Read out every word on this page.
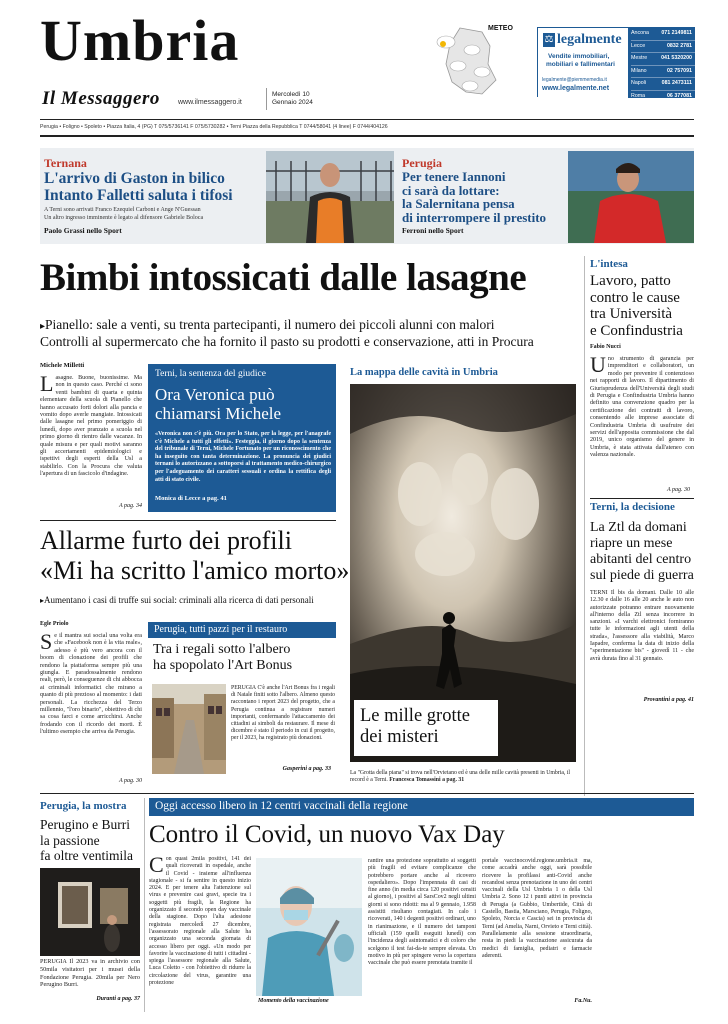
Umbria
Il Messaggero	www.ilmessaggero.it
Mercoledì 10
Gennaio 2024
METEO
⚖ legalmente
Vendite immobiliari,
mobiliari e fallimentari
legalmente@piemmemedia.it
www.legalmente.net
Ancona 071 2149811
Lecce	0832 2781
Mestre	041 5320200
Milano	02 757091
Napoli	081 2473111
Roma	06 377081
Perugia • Foligno • Spoleto • Piazza Italia, 4 (PG) T 075/5736141 F 075/5730282 • Terni Piazza della Repubblica T 0744/58041 (4 linee) F 0744/404126
Ternana
L'arrivo di Gaston in bilico
Intanto Falletti saluta i tifosi
A Terni sono arrivati Franco Ezequiel Carboni e Ange N'Guessan
Un altro ingresso imminente è legato al difensore Gabriele Boloca
Paolo Grassi nello Sport
Perugia
Per tenere Iannoni
ci sarà da lottare:
la Salernitana pensa
di interrompere il prestito
Ferroni nello Sport
Bimbi intossicati dalle lasagne
▸Pianello: sale a venti, su trenta partecipanti, il numero dei piccoli alunni con malori
Controlli al supermercato che ha fornito il pasto su prodotti e conservazione, atti in Procura
Michele Milletti
Lasagne. Buone, buonissime. Ma non in questo caso. Perché ci sono venti bambini di quarta e quinta elementare della scuola di Pianello che hanno accusato forti dolori alla pancia e vomito dopo averle mangiate. Intossicati dalle lasagne nel primo pomeriggio di lunedì, dopo aver pranzato a scuola nel primo giorno di rientro dalle vacanze. In quale misura e per quali motivi saranno gli accertamenti epidemiologici e ispettivi degli esperti della Usl a stabilirlo. Con la Procura che valuta l'apertura di un fascicolo d'indagine.
A pag. 34
Terni, la sentenza del giudice
Ora Veronica può
chiamarsi Michele
«Veronica non c'è più. Ora per lo Stato, per la legge, per l'anagrafe c'è Michele a tutti gli effetti». Festeggia, il giorno dopo la sentenza del tribunale di Terni, Michele Fortunato per un riconoscimento che ha inseguito con tanta determinazione. La pronuncia dei giudici ternani lo autorizzano a sottoporsi al trattamento medico-chirurgico per l'adeguamento dei caratteri sessuali e ordina la rettifica degli atti di stato civile.
Monica di Lecce a pag. 41
La mappa delle cavità in Umbria
Le mille grotte
dei misteri
La "Grotta della piana" si trova nell'Orvietano ed è una delle mille cavità presenti in Umbria, il record è a Terni. Francesca Tomassini a pag. 31
L'intesa
Lavoro, patto
contro le cause
tra Università
e Confindustria
Fabio Nucci
Uno strumento di garanzia per imprenditori e collaboratori, un modo per prevenire il contenzioso nei rapporti di lavoro. Il dipartimento di Giurisprudenza dell'Università degli studi di Perugia e Confindustria Umbria hanno definito una convenzione quadro per la certificazione dei contratti di lavoro, consentendo alle imprese associate di Confindustria Umbria di usufruire dei servizi dell'apposita commissione che dal 2019, unico organismo del genere in Umbria, è stata attivata dall'ateneo con valenza nazionale.
A pag. 30
Terni, la decisione
La Ztl da domani
riapre un mese
abitanti del centro
sul piede di guerra
TERNI Il bis da domani. Dalle 10 alle 12.30 e dalle 16 alle 20 anche le auto non autorizzate potranno entrare nuovamente all'interno della Ztl senza incorrere in sanzioni. «I varchi elettronici forniranno tutte le informazioni agli utenti della strada», l'assessore alla viabilità, Marco Iapadre, conferma la data di inizio della "sperimentazione bis" - giovedì 11 - che avrà durata fino al 31 gennaio.
Provantini a pag. 41
Allarme furto dei profili
«Mi ha scritto l'amico morto»
▸Aumentano i casi di truffe sui social: criminali alla ricerca di dati personali
Egle Priolo
Se il mantra sui social una volta era che «Facebook non è la vita reale», adesso è più vero ancora con il boom di clonazione dei profili che rendono la piattaforma sempre più una giungla. E paradossalmente rendono reali, però, le conseguenze di chi abbocca ai criminali informatici che mirano a quanto di più prezioso al momento: i dati personali. La ricchezza del Terzo millennio, "l'oro binario", obiettivo di chi sa cosa farci e come arricchirsi. Anche frodando con il ricordo dei morti. È l'ultimo esempio che arriva da Perugia.
A pag. 30
Perugia, tutti pazzi per il restauro
Tra i regali sotto l'albero
ha spopolato l'Art Bonus
PERUGIA C'è anche l'Art Bonus fra i regali di Natale finiti sotto l'albero. Almeno questo raccontano i report 2023 del progetto, che a Perugia continua a registrare numeri importanti, confermando l'attaccamento dei cittadini ai simboli da restaurare. Il mese di dicembre è stato il periodo in cui il progetto, per il 2023, ha registrato più donazioni.
Gasperini a pag. 33
Perugia, la mostra
Perugino e Burri
la passione
fa oltre ventimila
PERUGIA Il 2023 va in archivio con 50mila visitatori per i musei della Fondazione Perugia. 20mila per Nero Perugino Burri.
Duranti a pag. 37
Oggi accesso libero in 12 centri vaccinali della regione
Contro il Covid, un nuovo Vax Day
Con quasi 2mila positivi, 141 dei quali ricoverati in ospedale, anche il Covid - insieme all'influenza stagionale - si fa sentire in questo inizio 2024. E per tenere alta l'attenzione sul virus e prevenire casi gravi, specie tra i soggetti più fragili, la Regione ha organizzato il secondo open day vaccinale della stagione. Dopo l'alta adesione registrata mercoledì 27 dicembre, l'assessorato regionale alla Salute ha organizzato una seconda giornata di accesso libero per oggi. «Un modo per favorire la vaccinazione di tutti i cittadini - spiega l'assessore regionale alla Salute, Luca Coletto - con l'obiettivo di ridurre la circolazione del virus, garantire una protezione
Momento della vaccinazione
rantire una protezione soprattutto ai soggetti più fragili ed evitare complicanze che potrebbero portare anche al ricovero ospedaliero». Dopo l'impennata di casi di fine anno (in media circa 120 positivi censiti al giorno), i positivi al SarsCov2 negli ultimi giorni si sono ridotti: ma al 9 gennaio, 1.958 assistiti risultano contagiati. In calo i ricoverati, 140 i degenti positivi ordinari, uno in rianimazione, e il numero dei tamponi ufficiali (159 quelli eseguiti lunedì) con l'incidenza degli asintomatici e di coloro che scelgono il test fai-da-te sempre elevata. Un motivo in più per spingere verso la copertura vaccinale che può essere prenotata tramite il
portale vaccinocovid.regione.umbria.it ma, come accadrà anche oggi, sarà possibile ricevere la profilassi anti-Covid anche recandosi senza prenotazione in uno dei centri vaccinali della Usl Umbria 1 o della Usl Umbria 2. Sono 12 i punti attivi in provincia di Perugia (a Gubbio, Umbertide, Città di Castello, Bastia, Marsciano, Perugia, Foligno, Spoleto, Norcia e Cascia) sei in provincia di Terni (ad Amelia, Narni, Orvieto e Terni città). Parallelamente alla sessione straordinaria, resta in piedi la vaccinazione assicurata da medici di famiglia, pediatri e farmacie aderenti.
Fa.Nu.
